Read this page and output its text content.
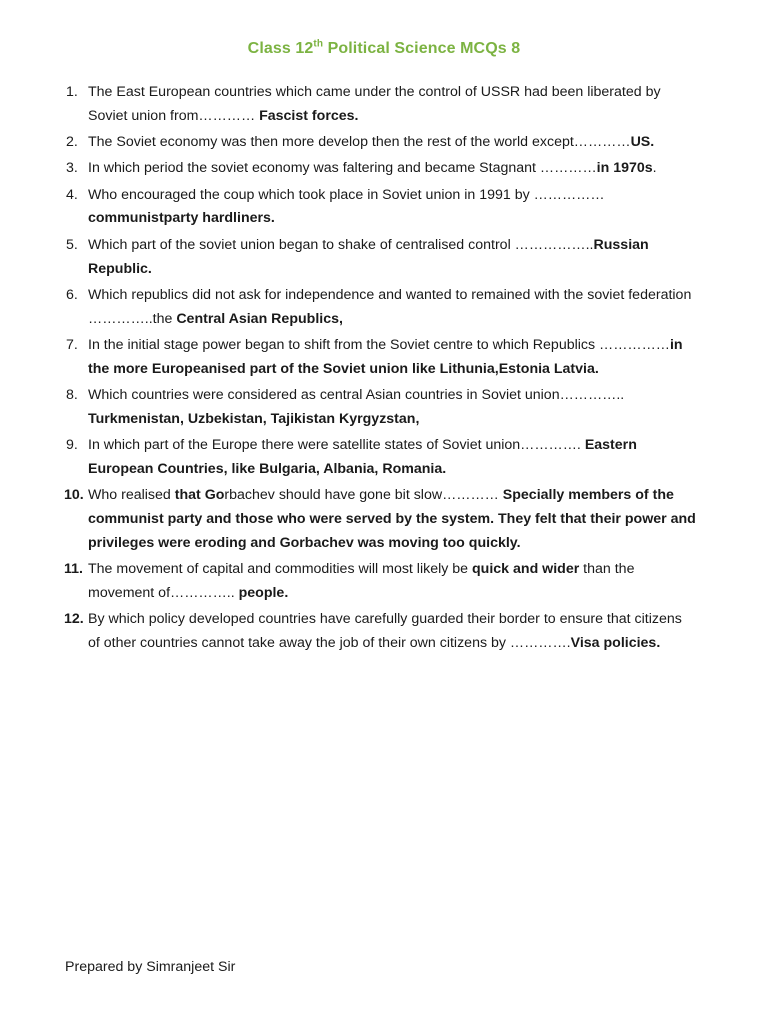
Class 12th Political Science MCQs 8
1. The East European countries which came under the control of USSR had been liberated by Soviet union from………… Fascist forces.
2. The Soviet economy was then more develop then the rest of the world except…………US.
3. In which period the soviet economy was faltering and became Stagnant …………in 1970s.
4. Who encouraged the coup which took place in Soviet union in 1991 by ……………communistparty hardliners.
5. Which part of the soviet union began to shake of centralised control ……………..Russian Republic.
6. Which republics did not ask for independence and wanted to remained with the soviet federation …………..the Central Asian Republics,
7. In the initial stage power began to shift from the Soviet centre to which Republics ……………in the more Europeanised part of the Soviet union like Lithunia,Estonia Latvia.
8. Which countries were considered as central Asian countries in Soviet union………….. Turkmenistan, Uzbekistan, Tajikistan Kyrgyzstan,
9. In which part of the Europe there were satellite states of Soviet union…………. Eastern European Countries, like Bulgaria, Albania, Romania.
10. Who realised that Gorbachev should have gone bit slow………… Specially members of the communist party and those who were served by the system. They felt that their power and privileges were eroding and Gorbachev was moving too quickly.
11. The movement of capital and commodities will most likely be quick and wider than the movement of………….. people.
12. By which policy developed countries have carefully guarded their border to ensure that citizens of other countries cannot take away the job of their own citizens by ………….Visa policies.
Prepared by Simranjeet Sir
